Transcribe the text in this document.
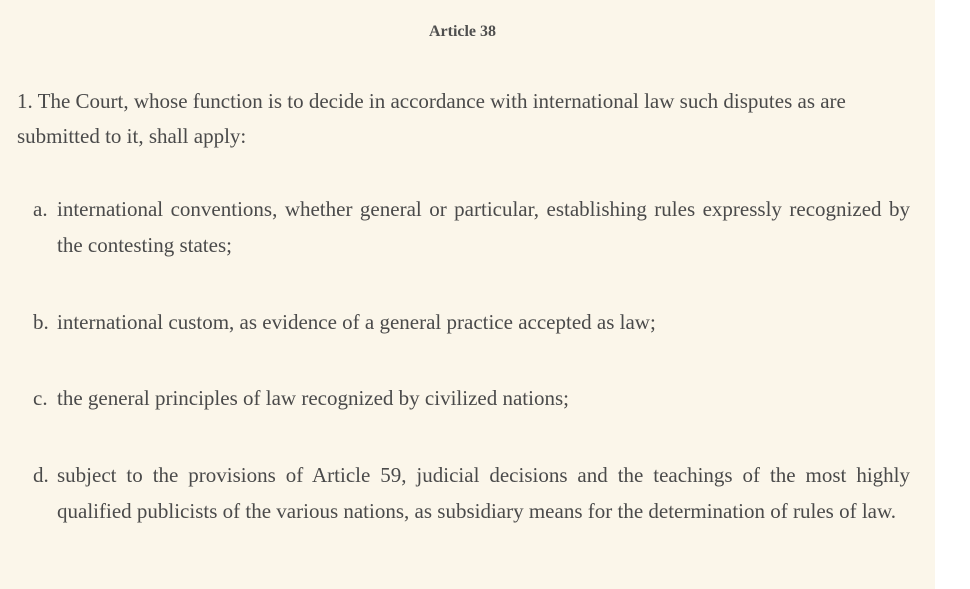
Article 38
1. The Court, whose function is to decide in accordance with international law such disputes as are submitted to it, shall apply:
a. international conventions, whether general or particular, establishing rules expressly recognized by the contesting states;
b. international custom, as evidence of a general practice accepted as law;
c. the general principles of law recognized by civilized nations;
d. subject to the provisions of Article 59, judicial decisions and the teachings of the most highly qualified publicists of the various nations, as subsidiary means for the determination of rules of law.
